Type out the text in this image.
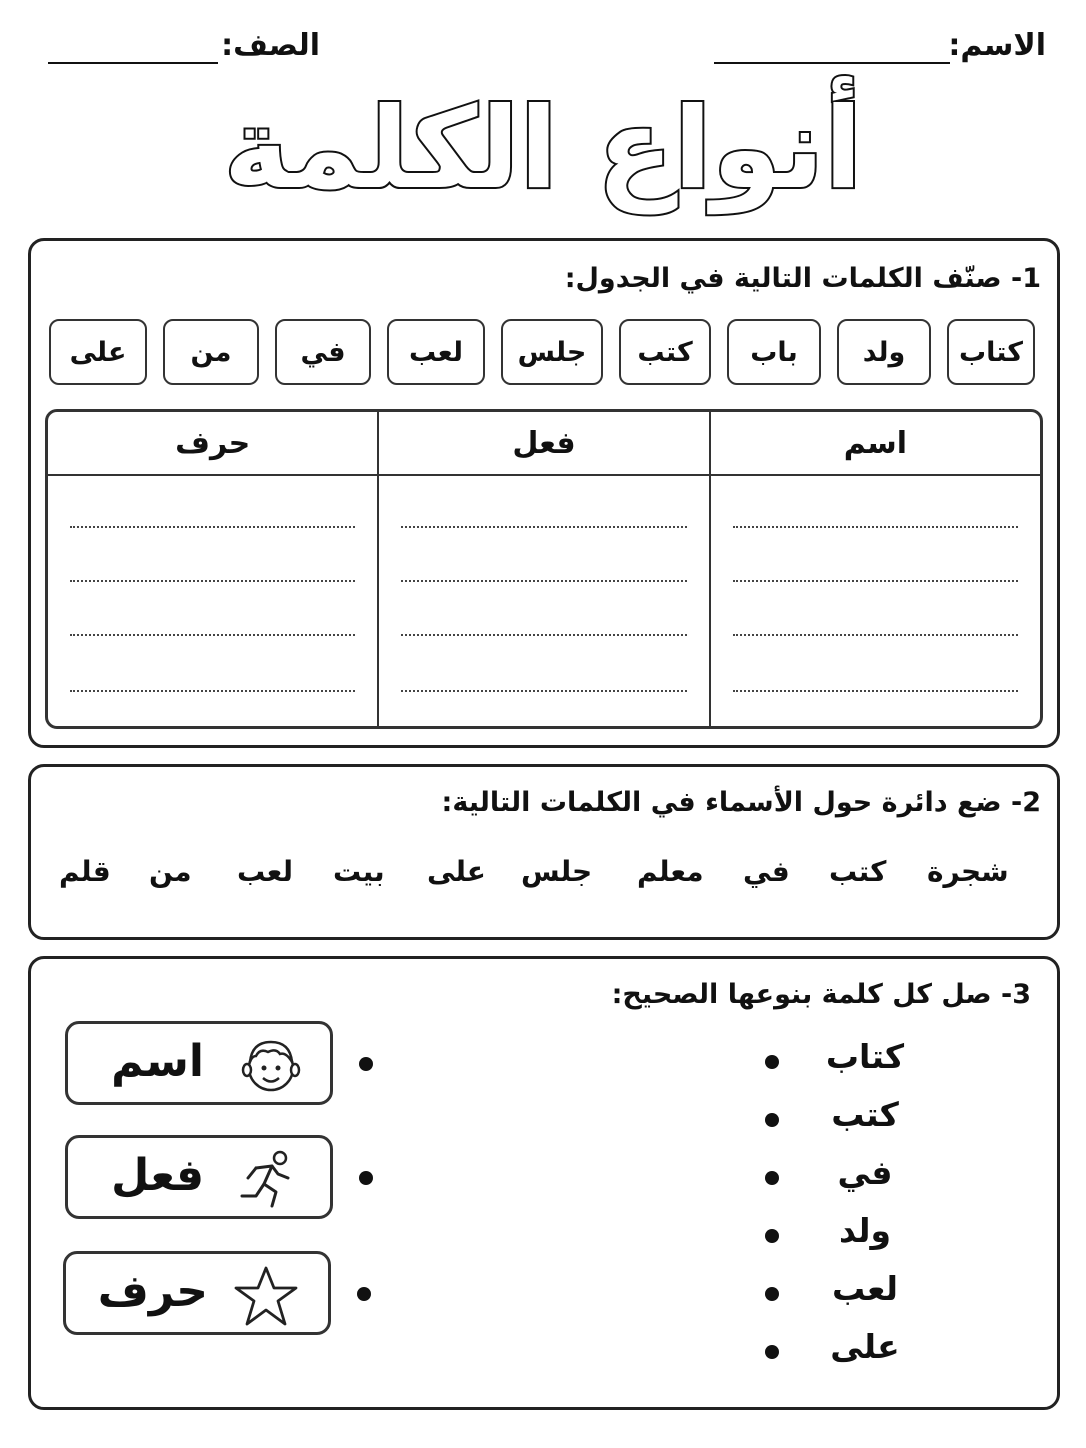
الاسم:
الصف:
أنواع الكلمة
1- صنّف الكلمات التالية في الجدول:
كتاب
ولد
باب
كتب
جلس
لعب
في
من
على
اسم
فعل
حرف
2- ضع دائرة حول الأسماء في الكلمات التالية:
شجرة
كتب
في
معلم
جلس
على
بيت
لعب
من
قلم
3- صل كل كلمة بنوعها الصحيح:
كتاب
كتب
في
ولد
لعب
على
اسم
فعل
حرف
